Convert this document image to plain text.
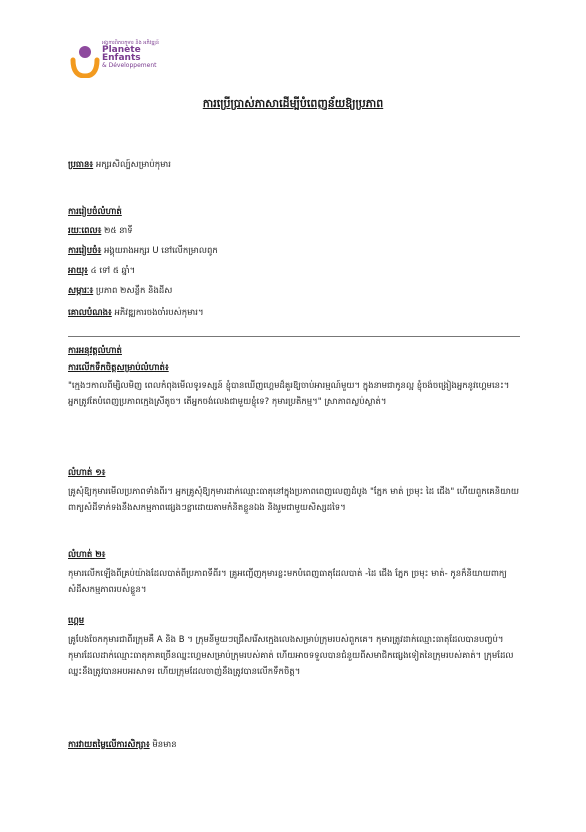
អង្គការពិភពកុមារ និង អភិវឌ្ឍន៍
Planète
Enfants
& Développement
ការប្រើប្រាស់ភាសាដើម្បីបំពេញន័យឱ្យប្រភាព
ប្រធាន៖ អក្សរសិល្ប៍សម្រាប់កុមារ
ការរៀបចំលំហាត់
រយៈពេល៖ ២៥ នាទី
ការរៀបចំ៖ អង្គុយរាងអក្សរ U នៅលើកម្រាលពូក
អាយុ៖ ៤ ទៅ ៥ ឆ្នាំ។
សម្ភារៈ៖ ប្រភាព ២សន្លឹក និងដីស
គោលបំណង៖ អភិវឌ្ឍការចងចាំរបស់កុមារ។
ការអនុវត្តលំហាត់
ការលើកទឹកចិត្តសម្រាប់លំហាត់៖
"ក្មេងៗកាលពីម្សិលមិញ ពេលកំពុងមើលទូរទស្សន៍ ខ្ញុំបានឃើញហ្គេមដ៏គួរឱ្យចាប់អារម្មណ៍មួយ។ ក្នុងនាមជាកូនល្អ ខ្ញុំចង់ចង្រៀងអ្នកនូវហ្គេមនេះ។ អ្នកត្រូវតែបំពេញប្រភាពក្មេងស្រីតូច។ តើអ្នកចង់លេងជាមួយខ្ញុំទេ? កុមារប្រតិកម្ម។" ស្រាភាពស្ងប់ស្ងាត់។
លំហាត់ ១៖
គ្រូសុំឱ្យកុមារមើលប្រភាពទាំងពីរ។ អ្នកគ្រូសុំឱ្យកុមារដាក់ឈ្មោះធាតុនៅក្នុងប្រភាពពេញលេញដំបូង "ភ្នែក មាត់ ច្រមុះ ដៃ ជើង" ហើយពួកគេនិយាយពាក្យសំដីទាក់ទងនឹងសកម្មភាពផ្សេងៗខ្លាដោយតាមកំនិតខ្លួនឯង និងរួមជាមួយសិស្សដទៃ។
លំហាត់ ២៖
កុមារលើកឡើងពីគ្រប់យ៉ាងដែលបាត់ពីប្រភាពទីពីរ។ គ្រូអញ្ជើញកុមារខ្លះមកបំពេញធាតុដែលបាត់ -ដៃ ជើង ភ្នែក ច្រមុះ មាត់- កូនក៏និយាយពាក្យសំដីសកម្មភាពរបស់ខ្លួន។
ហ្គេម
គ្រូបែងចែកកុមារជាពីរក្រុមគឺ A និង B ។ ក្រុមនីមួយៗជ្រើសរើសក្មេងលេងសម្រាប់ក្រុមរបស់ពួកគេ។ កុមារត្រូវដាក់ឈ្មោះធាតុដែលបានបញ្ចប់។ កុមារដែលដាក់ឈ្មោះធាតុភាគច្រើនឈ្នះហ្គេមសម្រាប់ក្រុមរបស់គាត់ ហើយអាចទទួលបានជំនួយពីសមាជិកផ្សេងទៀតនៃក្រុមរបស់គាត់។ ក្រុមដែលឈ្នះនឹងត្រូវបានអបអរសាទរ ហើយក្រុមដែលចាញ់នឹងត្រូវបានលើកទឹកចិត្ត។
ការវាយតម្លៃលើការសិក្សា៖ មិនមាន
